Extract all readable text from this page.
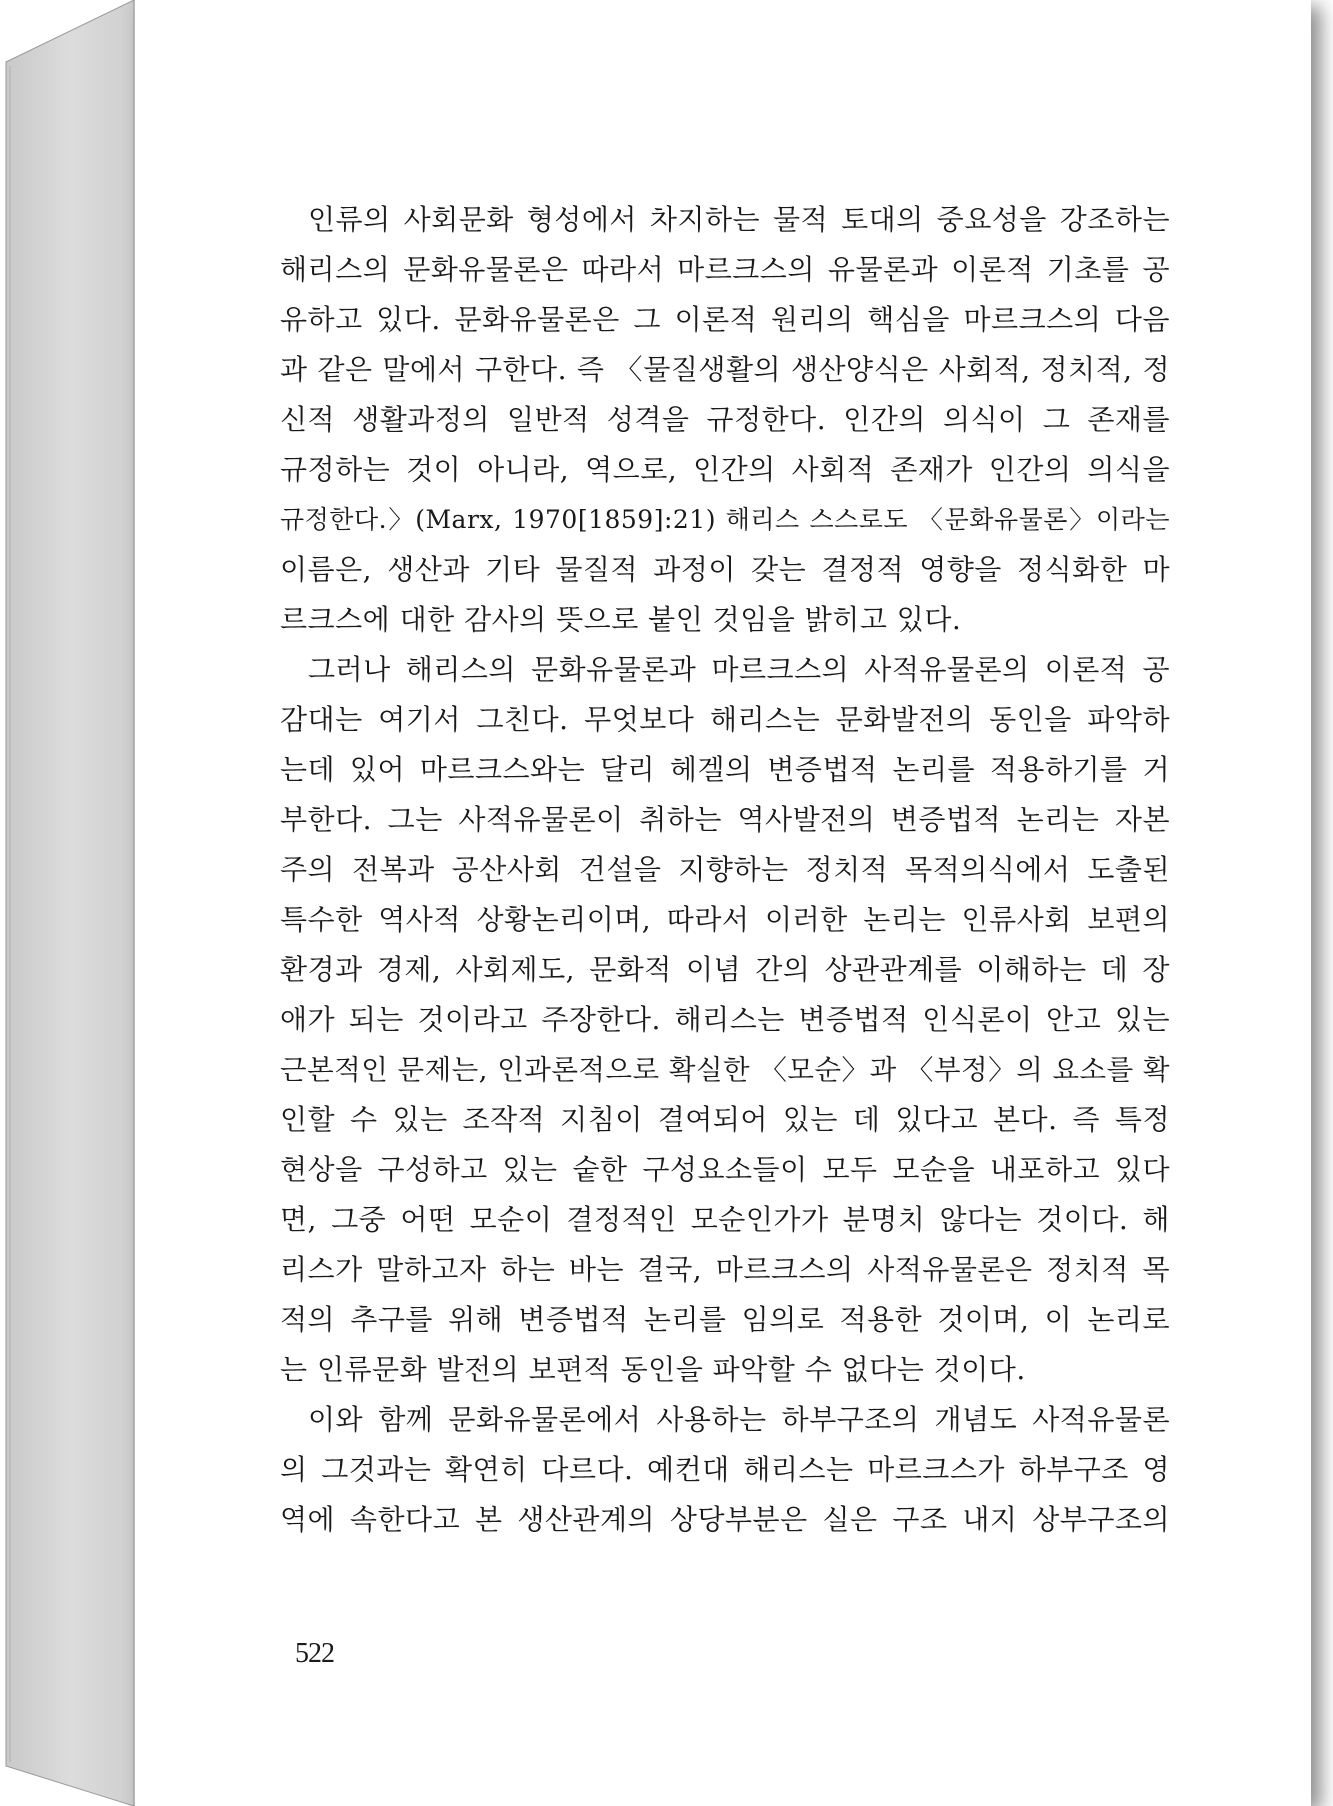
인류의 사회문화 형성에서 차지하는 물적 토대의 중요성을 강조하는
해리스의 문화유물론은 따라서 마르크스의 유물론과 이론적 기초를 공
유하고 있다. 문화유물론은 그 이론적 원리의 핵심을 마르크스의 다음
과 같은 말에서 구한다. 즉 〈물질생활의 생산양식은 사회적, 정치적, 정
신적 생활과정의 일반적 성격을 규정한다. 인간의 의식이 그 존재를
규정하는 것이 아니라, 역으로, 인간의 사회적 존재가 인간의 의식을
규정한다.〉(Marx, 1970[1859]:21) 해리스 스스로도 〈문화유물론〉이라는
이름은, 생산과 기타 물질적 과정이 갖는 결정적 영향을 정식화한 마
르크스에 대한 감사의 뜻으로 붙인 것임을 밝히고 있다.
그러나 해리스의 문화유물론과 마르크스의 사적유물론의 이론적 공
감대는 여기서 그친다. 무엇보다 해리스는 문화발전의 동인을 파악하
는데 있어 마르크스와는 달리 헤겔의 변증법적 논리를 적용하기를 거
부한다. 그는 사적유물론이 취하는 역사발전의 변증법적 논리는 자본
주의 전복과 공산사회 건설을 지향하는 정치적 목적의식에서 도출된
특수한 역사적 상황논리이며, 따라서 이러한 논리는 인류사회 보편의
환경과 경제, 사회제도, 문화적 이념 간의 상관관계를 이해하는 데 장
애가 되는 것이라고 주장한다. 해리스는 변증법적 인식론이 안고 있는
근본적인 문제는, 인과론적으로 확실한 〈모순〉과 〈부정〉의 요소를 확
인할 수 있는 조작적 지침이 결여되어 있는 데 있다고 본다. 즉 특정
현상을 구성하고 있는 숱한 구성요소들이 모두 모순을 내포하고 있다
면, 그중 어떤 모순이 결정적인 모순인가가 분명치 않다는 것이다. 해
리스가 말하고자 하는 바는 결국, 마르크스의 사적유물론은 정치적 목
적의 추구를 위해 변증법적 논리를 임의로 적용한 것이며, 이 논리로
는 인류문화 발전의 보편적 동인을 파악할 수 없다는 것이다.
이와 함께 문화유물론에서 사용하는 하부구조의 개념도 사적유물론
의 그것과는 확연히 다르다. 예컨대 해리스는 마르크스가 하부구조 영
역에 속한다고 본 생산관계의 상당부분은 실은 구조 내지 상부구조의
522
